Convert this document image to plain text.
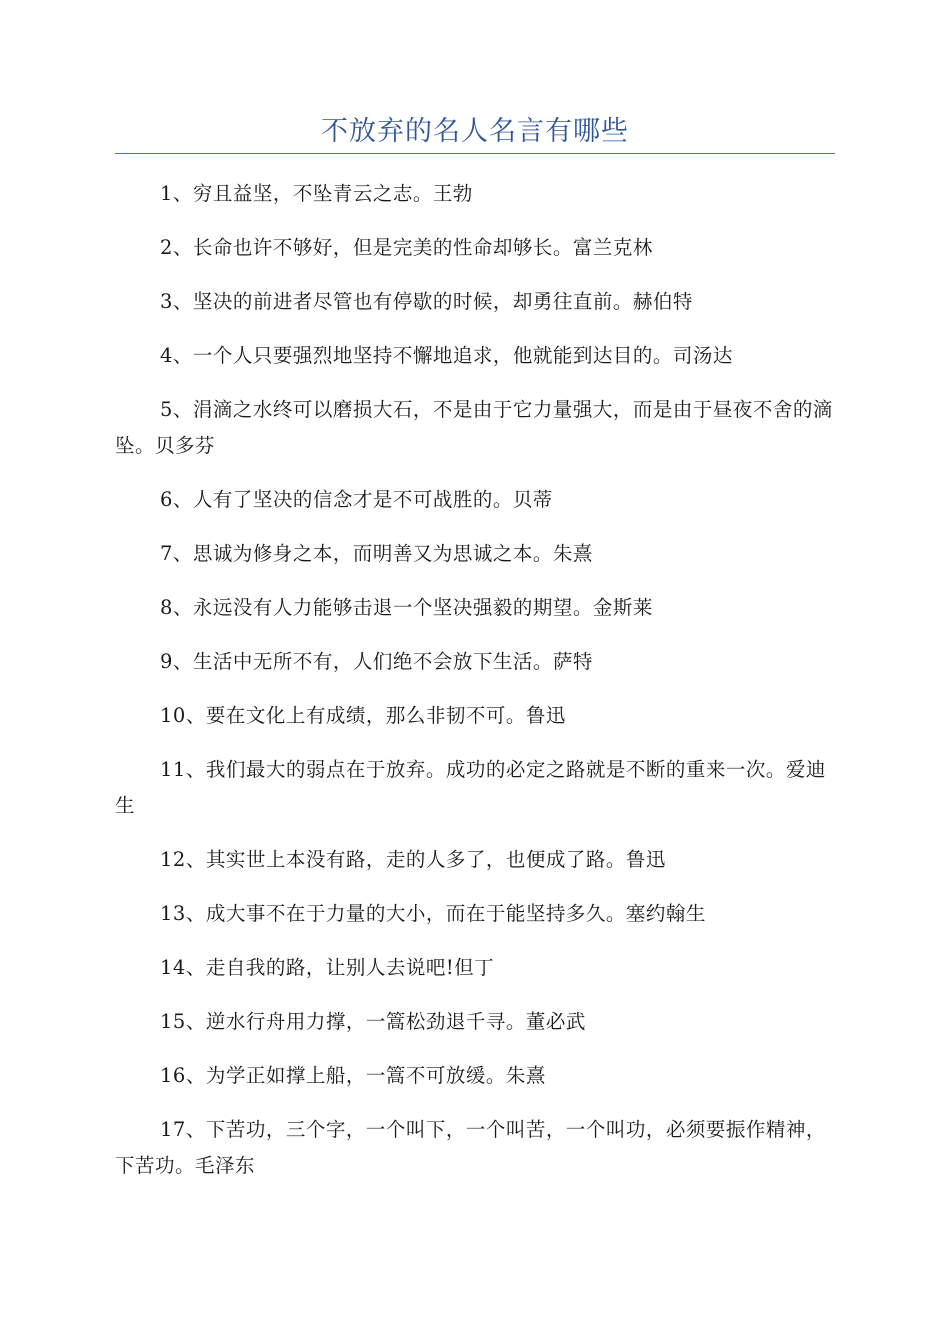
不放弃的名人名言有哪些

1、穷且益坚，不坠青云之志。王勃

2、长命也许不够好，但是完美的性命却够长。富兰克林

3、坚决的前进者尽管也有停歇的时候，却勇往直前。赫伯特

4、一个人只要强烈地坚持不懈地追求，他就能到达目的。司汤达

5、涓滴之水终可以磨损大石，不是由于它力量强大，而是由于昼夜不舍的滴坠。贝多芬

6、人有了坚决的信念才是不可战胜的。贝蒂

7、思诚为修身之本，而明善又为思诚之本。朱熹

8、永远没有人力能够击退一个坚决强毅的期望。金斯莱

9、生活中无所不有，人们绝不会放下生活。萨特

10、要在文化上有成绩，那么非韧不可。鲁迅

11、我们最大的弱点在于放弃。成功的必定之路就是不断的重来一次。爱迪生

12、其实世上本没有路，走的人多了，也便成了路。鲁迅

13、成大事不在于力量的大小，而在于能坚持多久。塞约翰生

14、走自我的路，让别人去说吧!但丁

15、逆水行舟用力撑，一篙松劲退千寻。董必武

16、为学正如撑上船，一篙不可放缓。朱熹

17、下苦功，三个字，一个叫下，一个叫苦，一个叫功，必须要振作精神，下苦功。毛泽东
